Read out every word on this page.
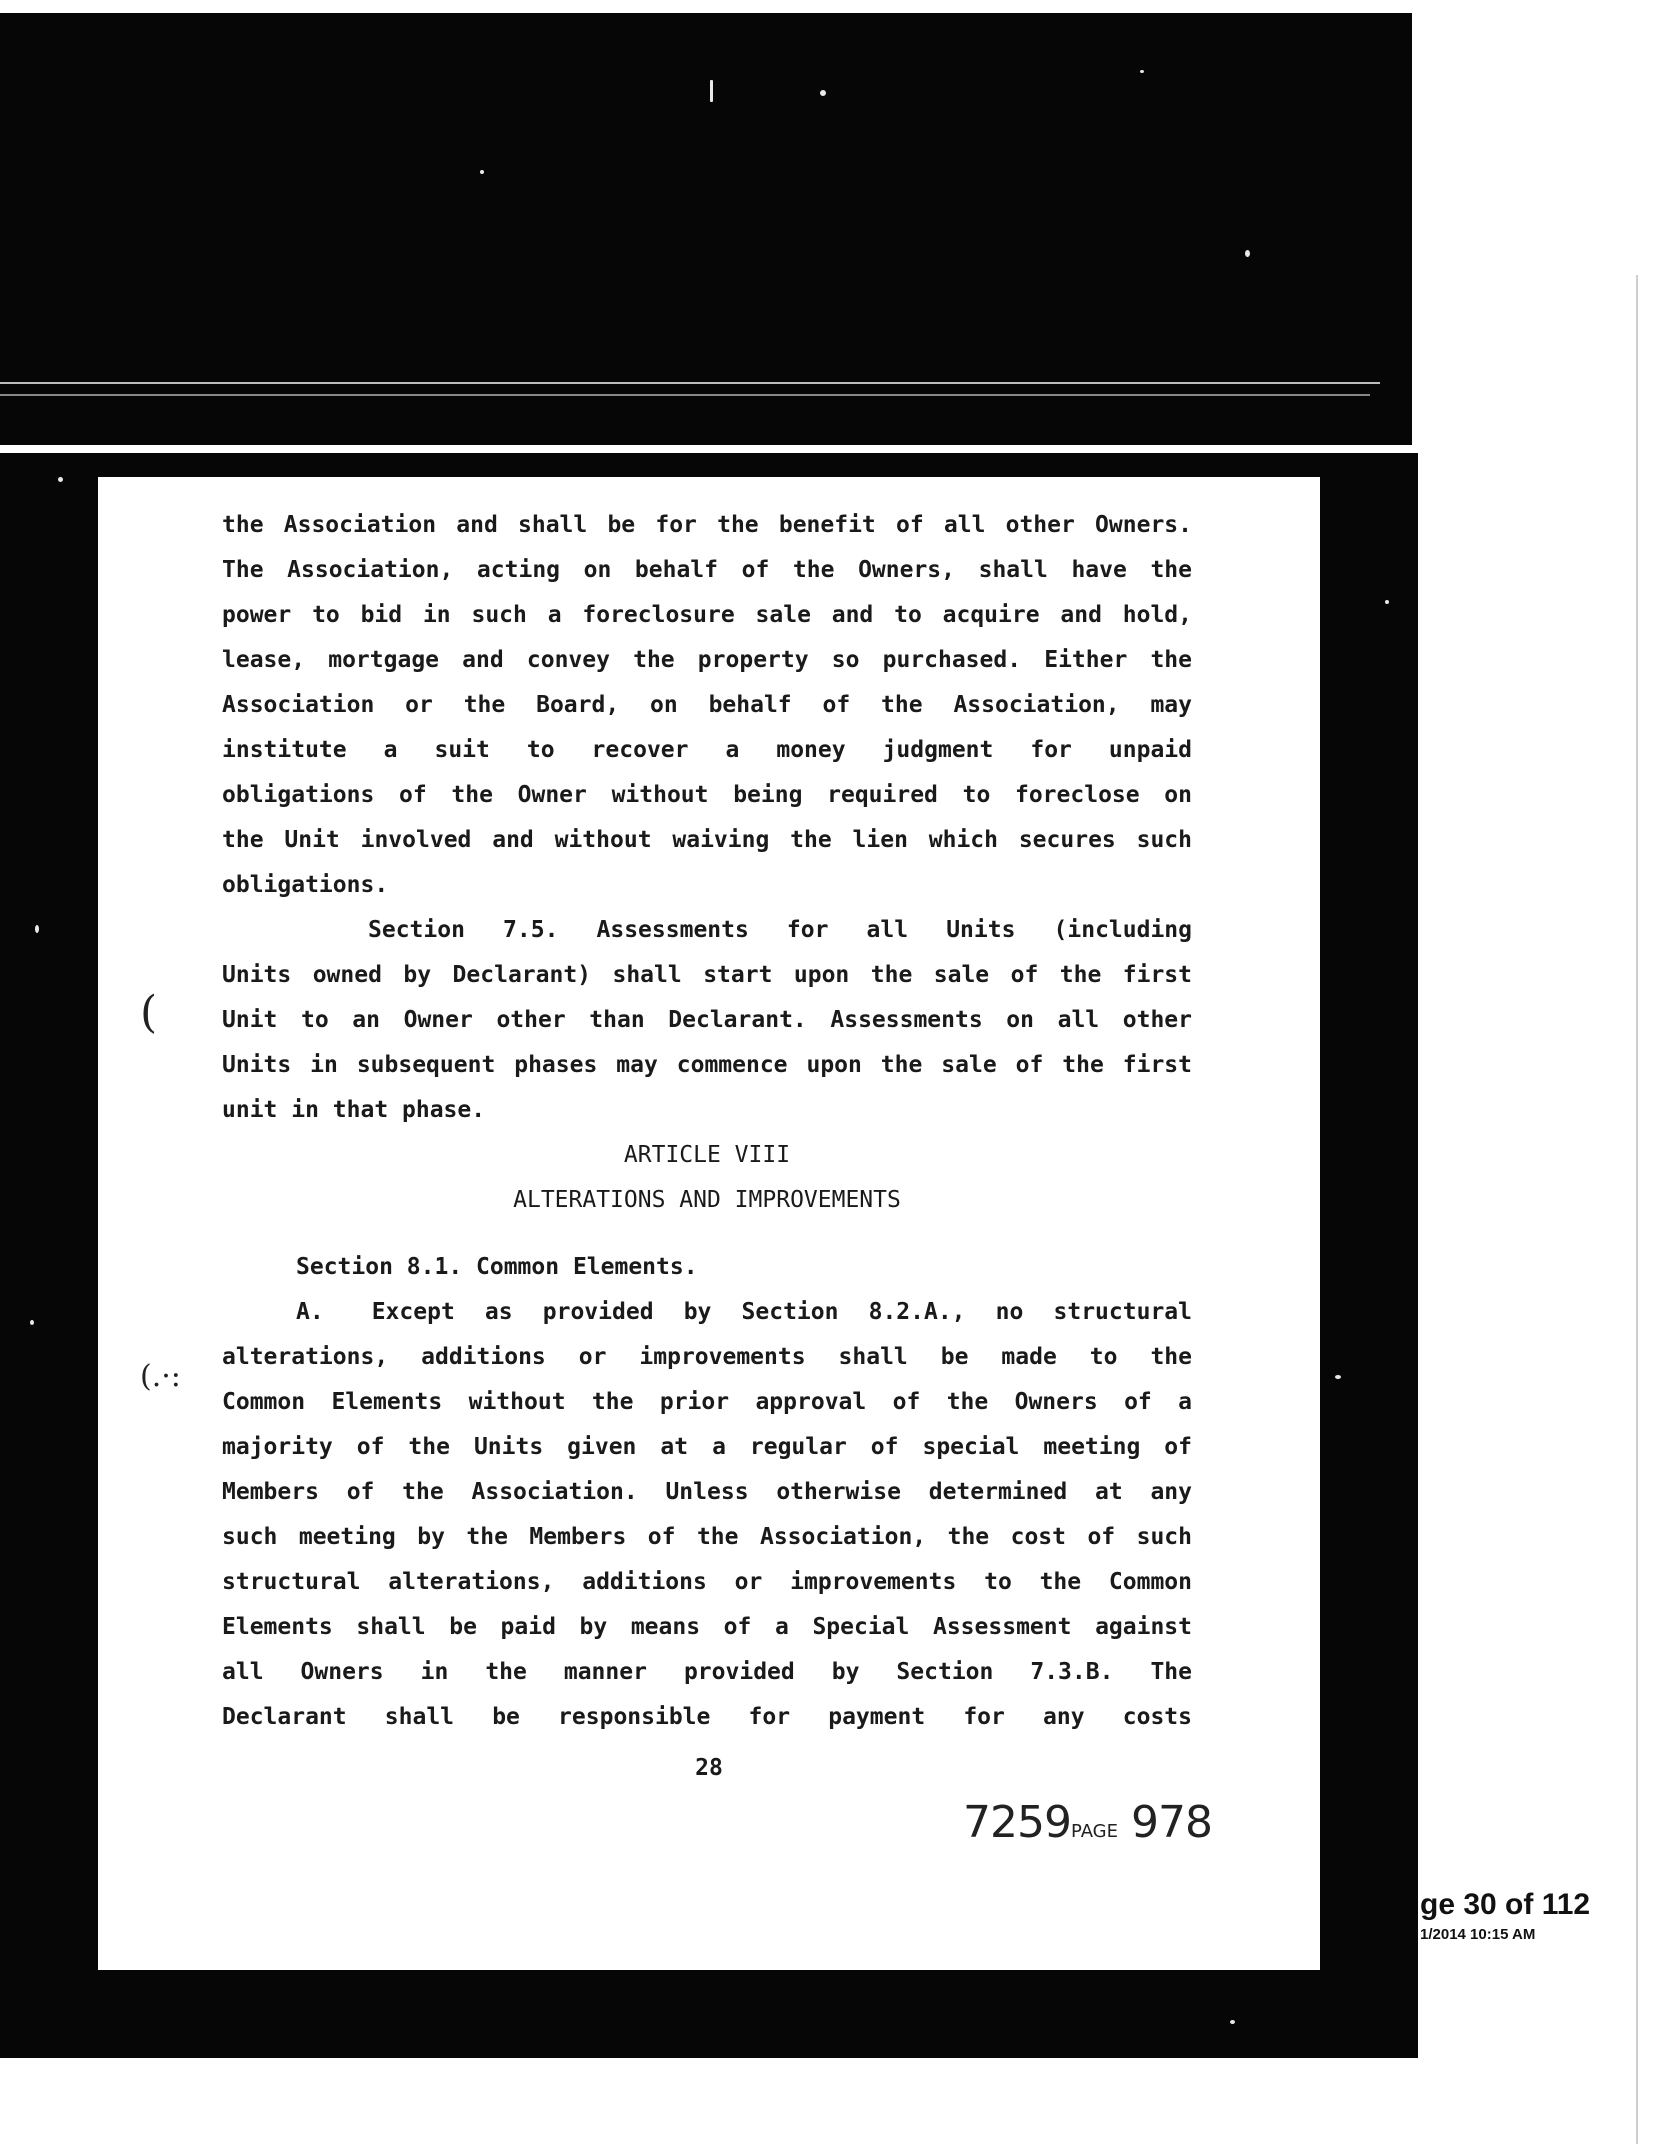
the Association and shall be for the benefit of all other Owners.

The Association, acting on behalf of the Owners, shall have the

power to bid in such a foreclosure sale and to acquire and hold,

lease, mortgage and convey the property so purchased. Either the

Association or the Board, on behalf of the Association, may

institute a suit to recover a money judgment for unpaid

obligations of the Owner without being required to foreclose on

the Unit involved and without waiving the lien which secures such

obligations.

Section 7.5. Assessments for all Units (including

Units owned by Declarant) shall start upon the sale of the first

Unit to an Owner other than Declarant. Assessments on all other

Units in subsequent phases may commence upon the sale of the first

unit in that phase.

ARTICLE VIII

ALTERATIONS AND IMPROVEMENTS

Section 8.1. Common Elements.

A. Except as provided by Section 8.2.A., no structural

alterations, additions or improvements shall be made to the

Common Elements without the prior approval of the Owners of a

majority of the Units given at a regular of special meeting of

Members of the Association. Unless otherwise determined at any

such meeting by the Members of the Association, the cost of such

structural alterations, additions or improvements to the Common

Elements shall be paid by means of a Special Assessment against

all Owners in the manner provided by Section 7.3.B. The

Declarant shall be responsible for payment for any costs

28
7259PAGE 978
(
(.·:
ge 30 of 112
1/2014 10:15 AM
